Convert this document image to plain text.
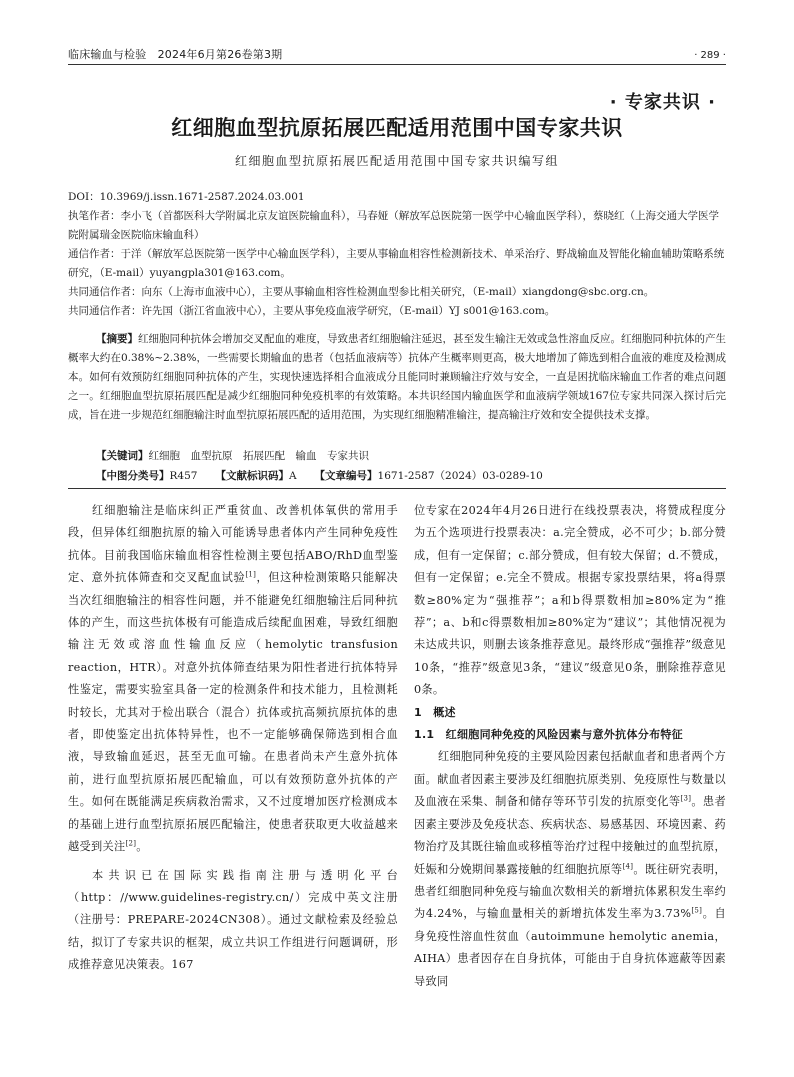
临床输血与检验　2024年6月第26卷第3期	· 289 ·
· 专家共识 ·
红细胞血型抗原拓展匹配适用范围中国专家共识
红细胞血型抗原拓展匹配适用范围中国专家共识编写组

DOI：10.3969/j.issn.1671-2587.2024.03.001

执笔作者：李小飞（首都医科大学附属北京友谊医院输血科），马春娅（解放军总医院第一医学中心输血医学科），蔡晓红（上海交通大学医学院附属瑞金医院临床输血科）

通信作者：于洋（解放军总医院第一医学中心输血医学科），主要从事输血相容性检测新技术、单采治疗、野战输血及智能化输血辅助策略系统研究，（E-mail）yuyangpla301@163.com。

共同通信作者：向东（上海市血液中心），主要从事输血相容性检测血型参比相关研究，（E-mail）xiangdong@sbc.org.cn。

共同通信作者：许先国（浙江省血液中心），主要从事免疫血液学研究，（E-mail）YJ s001@163.com。

【摘要】红细胞同种抗体会增加交叉配血的难度，导致患者红细胞输注延迟，甚至发生输注无效或急性溶血反应。红细胞同种抗体的产生概率大约在0.38%~2.38%，一些需要长期输血的患者（包括血液病等）抗体产生概率则更高，极大地增加了筛选到相合血液的难度及检测成本。如何有效预防红细胞同种抗体的产生，实现快速选择相合血液成分且能同时兼顾输注疗效与安全，一直是困扰临床输血工作者的难点问题之一。红细胞血型抗原拓展匹配是减少红细胞同种免疫机率的有效策略。本共识经国内输血医学和血液病学领域167位专家共同深入探讨后完成，旨在进一步规范红细胞输注时血型抗原拓展匹配的适用范围，为实现红细胞精准输注，提高输注疗效和安全提供技术支撑。

【关键词】红细胞　血型抗原　拓展匹配　输血　专家共识
【中图分类号】R457 【文献标识码】A 【文章编号】1671-2587（2024）03-0289-10

红细胞输注是临床纠正严重贫血、改善机体氧供的常用手段，但异体红细胞抗原的输入可能诱导患者体内产生同种免疫性抗体。目前我国临床输血相容性检测主要包括ABO/RhD血型鉴定、意外抗体筛查和交叉配血试验[1]，但这种检测策略只能解决当次红细胞输注的相容性问题，并不能避免红细胞输注后同种抗体的产生，而这些抗体极有可能造成后续配血困难，导致红细胞输注无效或溶血性输血反应（hemolytic transfusion reaction，HTR）。对意外抗体筛查结果为阳性者进行抗体特异性鉴定，需要实验室具备一定的检测条件和技术能力，且检测耗时较长，尤其对于检出联合（混合）抗体或抗高频抗原抗体的患者，即使鉴定出抗体特异性，也不一定能够确保筛选到相合血液，导致输血延迟，甚至无血可输。在患者尚未产生意外抗体前，进行血型抗原拓展匹配输血，可以有效预防意外抗体的产生。如何在既能满足疾病救治需求，又不过度增加医疗检测成本的基础上进行血型抗原拓展匹配输注，使患者获取更大收益越来越受到关注[2]。

本共识已在国际实践指南注册与透明化平台（http：//www.guidelines-registry.cn/）完成中英文注册（注册号：PREPARE-2024CN308）。通过文献检索及经验总结，拟订了专家共识的框架，成立共识工作组进行问题调研，形成推荐意见决策表。167

位专家在2024年4月26日进行在线投票表决，将赞成程度分为五个选项进行投票表决：a.完全赞成，必不可少；b.部分赞成，但有一定保留；c.部分赞成，但有较大保留；d.不赞成，但有一定保留；e.完全不赞成。根据专家投票结果，将a得票数≥80%定为“强推荐”；a和b得票数相加≥80%定为“推荐”；a、b和c得票数相加≥80%定为“建议”；其他情况视为未达成共识，则删去该条推荐意见。最终形成“强推荐”级意见10条，“推荐”级意见3条，“建议”级意见0条，删除推荐意见0条。

1　概述

1.1　红细胞同种免疫的风险因素与意外抗体分布特征

红细胞同种免疫的主要风险因素包括献血者和患者两个方面。献血者因素主要涉及红细胞抗原类别、免疫原性与数量以及血液在采集、制备和储存等环节引发的抗原变化等[3]。患者因素主要涉及免疫状态、疾病状态、易感基因、环境因素、药物治疗及其既往输血或移植等治疗过程中接触过的血型抗原，妊娠和分娩期间暴露接触的红细胞抗原等[4]。既往研究表明，患者红细胞同种免疫与输血次数相关的新增抗体累积发生率约为4.24%，与输血量相关的新增抗体发生率为3.73%[5]。自身免疫性溶血性贫血（autoimmune hemolytic anemia，AIHA）患者因存在自身抗体，可能由于自身抗体遮蔽等因素导致同
